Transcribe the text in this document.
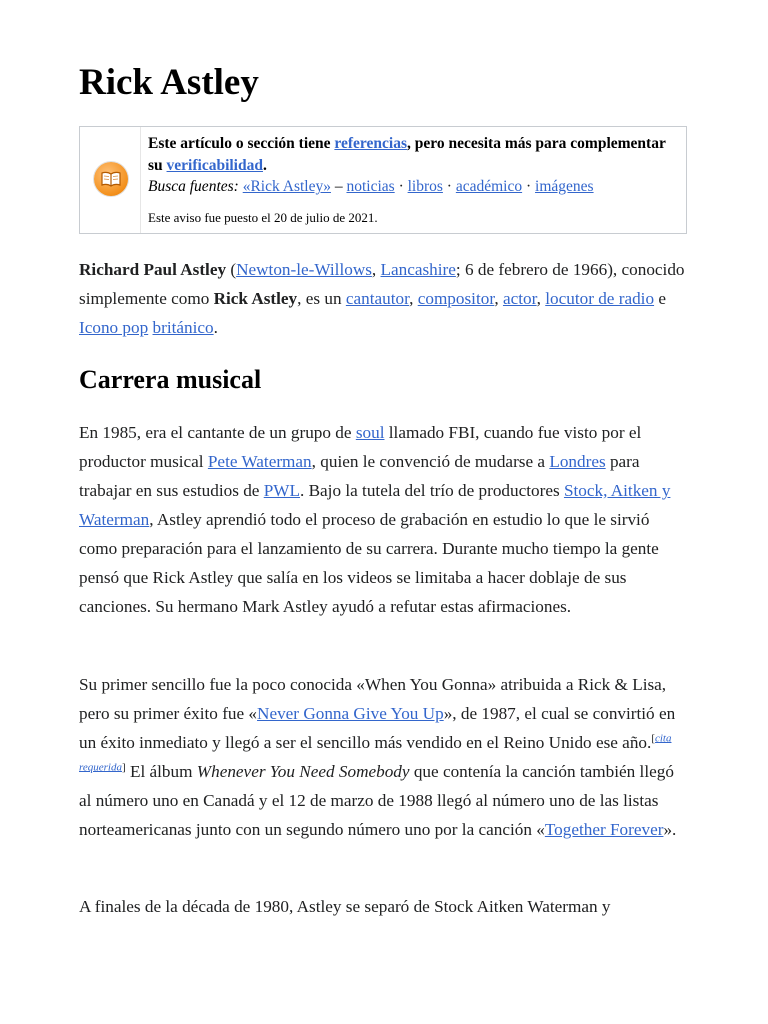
Rick Astley
Este artículo o sección tiene referencias, pero necesita más para complementar su verificabilidad.
Busca fuentes: «Rick Astley» – noticias · libros · académico · imágenes
Este aviso fue puesto el 20 de julio de 2021.

Richard Paul Astley (Newton-le-Willows, Lancashire; 6 de febrero de 1966), conocido simplemente como Rick Astley, es un cantautor, compositor, actor, locutor de radio e Icono pop británico.

Carrera musical

En 1985, era el cantante de un grupo de soul llamado FBI, cuando fue visto por el productor musical Pete Waterman, quien le convenció de mudarse a Londres para trabajar en sus estudios de PWL. Bajo la tutela del trío de productores Stock, Aitken y Waterman, Astley aprendió todo el proceso de grabación en estudio lo que le sirvió como preparación para el lanzamiento de su carrera. Durante mucho tiempo la gente pensó que Rick Astley que salía en los videos se limitaba a hacer doblaje de sus canciones. Su hermano Mark Astley ayudó a refutar estas afirmaciones.

Su primer sencillo fue la poco conocida «When You Gonna» atribuida a Rick & Lisa, pero su primer éxito fue «Never Gonna Give You Up», de 1987, el cual se convirtió en un éxito inmediato y llegó a ser el sencillo más vendido en el Reino Unido ese año.[cita requerida] El álbum Whenever You Need Somebody que contenía la canción también llegó al número uno en Canadá y el 12 de marzo de 1988 llegó al número uno de las listas norteamericanas junto con un segundo número uno por la canción «Together Forever».

A finales de la década de 1980, Astley se separó de Stock Aitken Waterman y
